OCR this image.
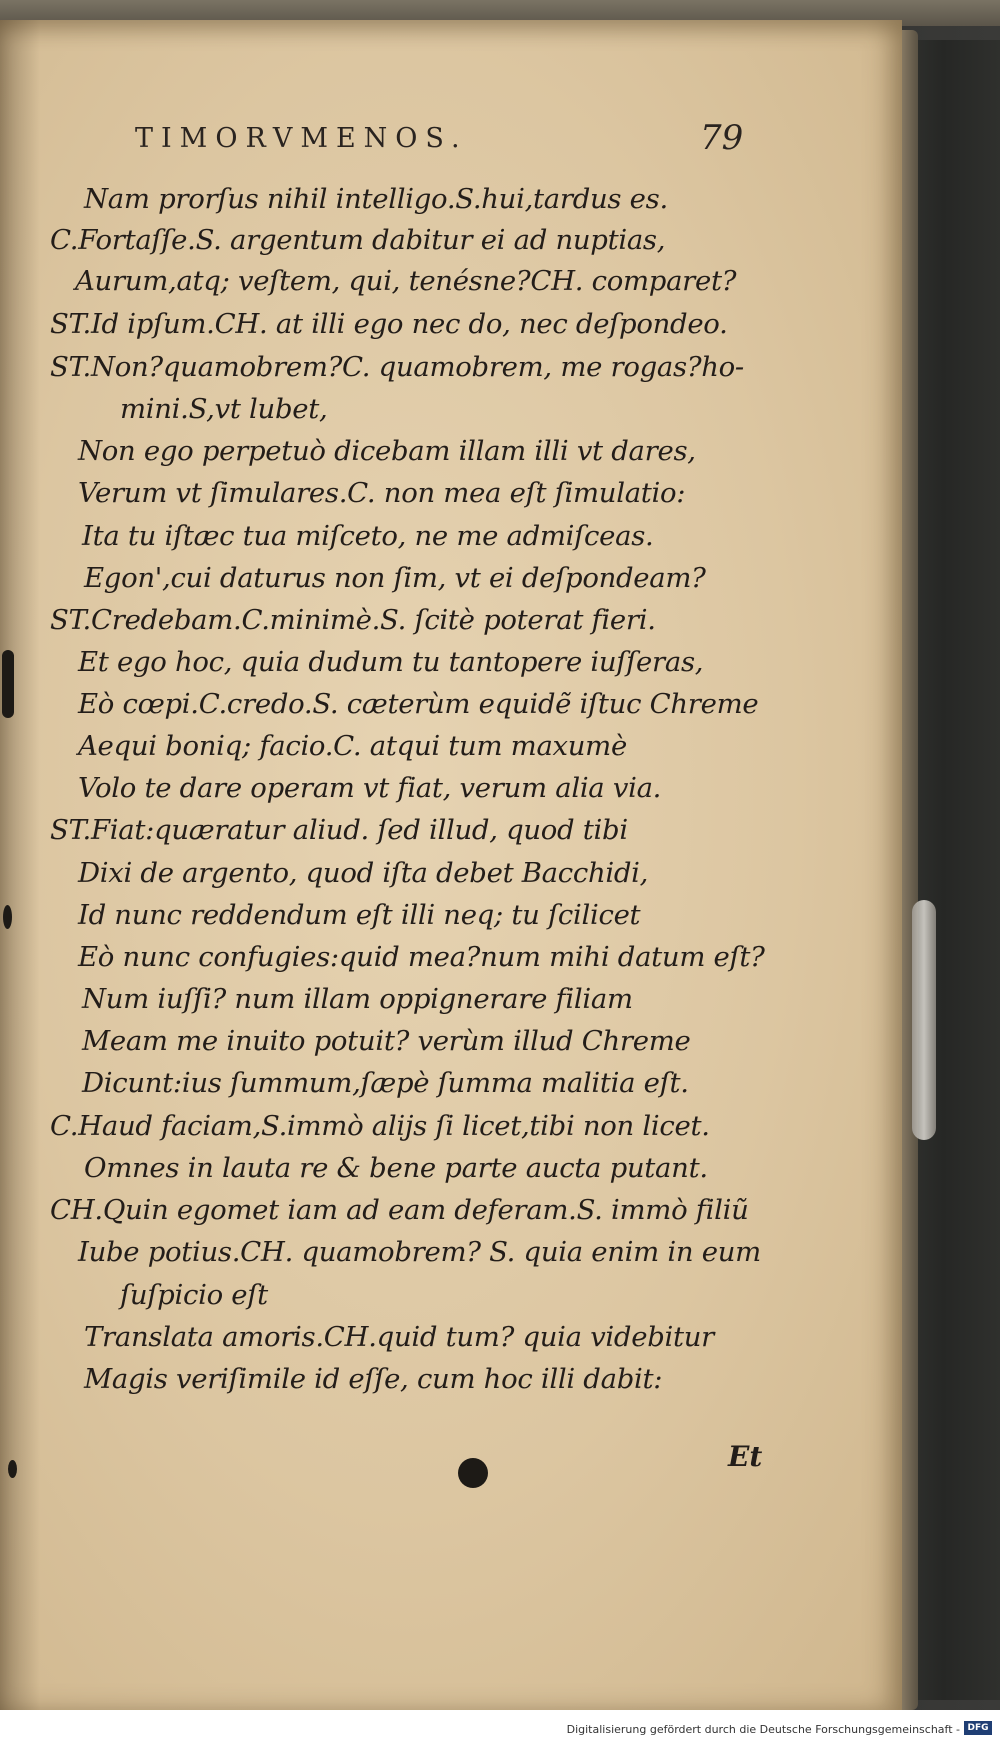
TIMORVMENOS.	79
Nam prorſus nihil intelligo.S.hui,tardus es.
C.Fortaſſe.S. argentum dabitur ei ad nuptias,
Aurum,atq; veſtem, qui, tenésne?CH. comparet?
ST.Id ipſum.CH. at illi ego nec do, nec deſpondeo.
ST.Non?quamobrem?C. quamobrem, me rogas?ho-
mini.S,vt lubet,
Non ego perpetuò dicebam illam illi vt dares,
Verum vt ſimulares.C. non mea eſt ſimulatio:
Ita tu iſtæc tua miſceto, ne me admiſceas.
Egon',cui daturus non ſim, vt ei deſpondeam?
ST.Credebam.C.minimè.S. ſcitè poterat fieri.
Et ego hoc, quia dudum tu tantopere iuſſeras,
Eò cœpi.C.credo.S. cæterùm equidẽ iſtuc Chreme
Aequi boniq; facio.C. atqui tum maxumè
Volo te dare operam vt fiat, verum alia via.
ST.Fiat:quæratur aliud. ſed illud, quod tibi
Dixi de argento, quod iſta debet Bacchidi,
Id nunc reddendum eſt illi neq; tu ſcilicet
Eò nunc confugies:quid mea?num mihi datum eſt?
Num iuſſi? num illam oppignerare filiam
Meam me inuito potuit? verùm illud Chreme
Dicunt:ius ſummum,ſæpè ſumma malitia eſt.
C.Haud faciam,S.immò alijs ſi licet,tibi non licet.
Omnes in lauta re & bene parte aucta putant.
CH.Quin egomet iam ad eam deferam.S. immò filiũ
Iube potius.CH. quamobrem? S. quia enim in eum
ſuſpicio eſt
Translata amoris.CH.quid tum? quia videbitur
Magis veriſimile id eſſe, cum hoc illi dabit:
Et
Digitalisierung gefördert durch die Deutsche Forschungsgemeinschaft - DFG
